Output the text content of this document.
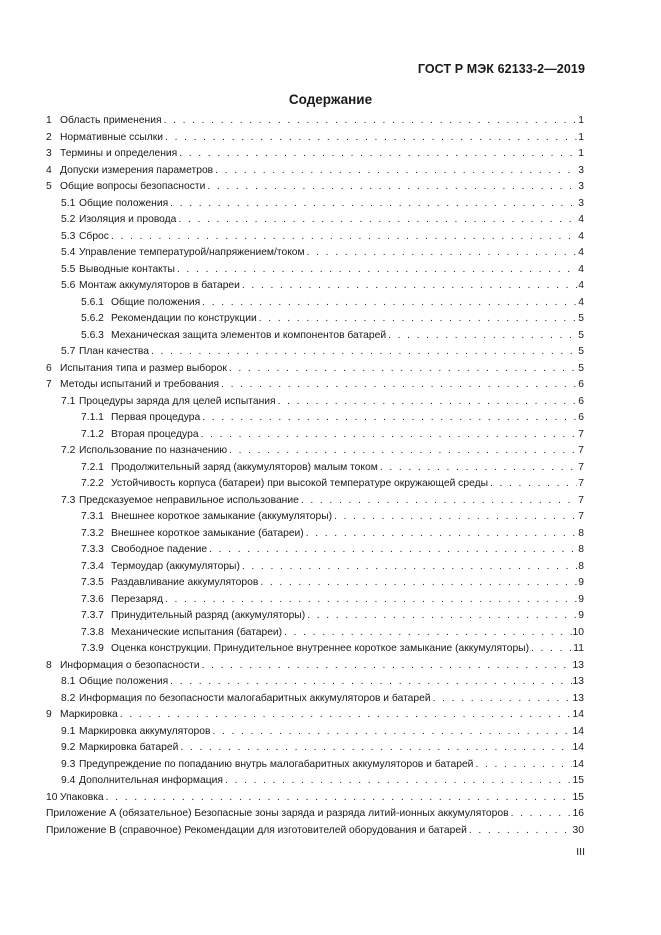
ГОСТ Р МЭК 62133-2—2019
Содержание
1 Область применения . . .	1
2 Нормативные ссылки . . .	1
3 Термины и определения . . .	1
4 Допуски измерения параметров . . .	3
5 Общие вопросы безопасности . . .	3
5.1 Общие положения . . .	3
5.2 Изоляция и провода . . .	4
5.3 Сброс . . .	4
5.4 Управление температурой/напряжением/током . . .	4
5.5 Выводные контакты . . .	4
5.6 Монтаж аккумуляторов в батареи . . .	4
5.6.1 Общие положения . . .	4
5.6.2 Рекомендации по конструкции . . .	5
5.6.3 Механическая защита элементов и компонентов батарей . . .	5
5.7 План качества . . .	5
6 Испытания типа и размер выборок . . .	5
7 Методы испытаний и требования . . .	6
7.1 Процедуры заряда для целей испытания . . .	6
7.1.1 Первая процедура . . .	6
7.1.2 Вторая процедура . . .	7
7.2 Использование по назначению . . .	7
7.2.1 Продолжительный заряд (аккумуляторов) малым током . . .	7
7.2.2 Устойчивость корпуса (батареи) при высокой температуре окружающей среды . . .	7
7.3 Предсказуемое неправильное использование . . .	7
7.3.1 Внешнее короткое замыкание (аккумуляторы) . . .	7
7.3.2 Внешнее короткое замыкание (батареи) . . .	8
7.3.3 Свободное падение . . .	8
7.3.4 Термоудар (аккумуляторы) . . .	8
7.3.5 Раздавливание аккумуляторов . . .	9
7.3.6 Перезаряд . . .	9
7.3.7 Принудительный разряд (аккумуляторы) . . .	9
7.3.8 Механические испытания (батареи) . . .	10
7.3.9 Оценка конструкции. Принудительное внутреннее короткое замыкание (аккумуляторы) . . .	11
8 Информация о безопасности . . .	13
8.1 Общие положения . . .	13
8.2 Информация по безопасности малогабаритных аккумуляторов и батарей . . .	13
9 Маркировка . . .	14
9.1 Маркировка аккумуляторов . . .	14
9.2 Маркировка батарей . . .	14
9.3 Предупреждение по попаданию внутрь малогабаритных аккумуляторов и батарей . . .	14
9.4 Дополнительная информация . . .	15
10 Упаковка . . .	15
Приложение А (обязательное) Безопасные зоны заряда и разряда литий-ионных аккумуляторов . . .	16
Приложение В (справочное) Рекомендации для изготовителей оборудования и батарей . . .	30
III
